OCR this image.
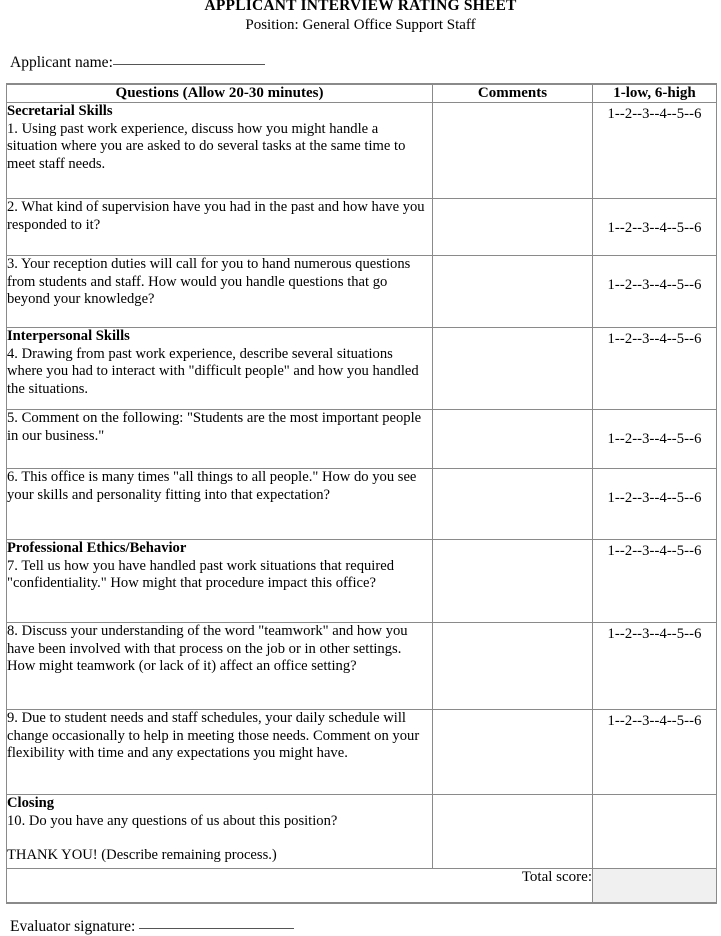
APPLICANT INTERVIEW RATING SHEET
Position: General Office Support Staff
Applicant name:
Questions (Allow 20-30 minutes)	Comments	1-low, 6-high

Secretarial Skills
1. Using past work experience, discuss how you might handle a situation where you are asked to do several tasks at the same time to meet staff needs.		1--2--3--4--5--6

2. What kind of supervision have you had in the past and how have you responded to it?		1--2--3--4--5--6

3. Your reception duties will call for you to hand numerous questions from students and staff. How would you handle questions that go beyond your knowledge?		1--2--3--4--5--6

Interpersonal Skills
4. Drawing from past work experience, describe several situations where you had to interact with "difficult people" and how you handled the situations.		1--2--3--4--5--6

5. Comment on the following: "Students are the most important people in our business."		1--2--3--4--5--6

6. This office is many times "all things to all people." How do you see your skills and personality fitting into that expectation?		1--2--3--4--5--6

Professional Ethics/Behavior
7. Tell us how you have handled past work situations that required "confidentiality." How might that procedure impact this office?		1--2--3--4--5--6

8. Discuss your understanding of the word "teamwork" and how you have been involved with that process on the job or in other settings. How might teamwork (or lack of it) affect an office setting?		1--2--3--4--5--6

9. Due to student needs and staff schedules, your daily schedule will change occasionally to help in meeting those needs. Comment on your flexibility with time and any expectations you might have.		1--2--3--4--5--6

Closing
10. Do you have any questions of us about this position?
THANK YOU! (Describe remaining process.)		

Total score:		
Evaluator signature:
